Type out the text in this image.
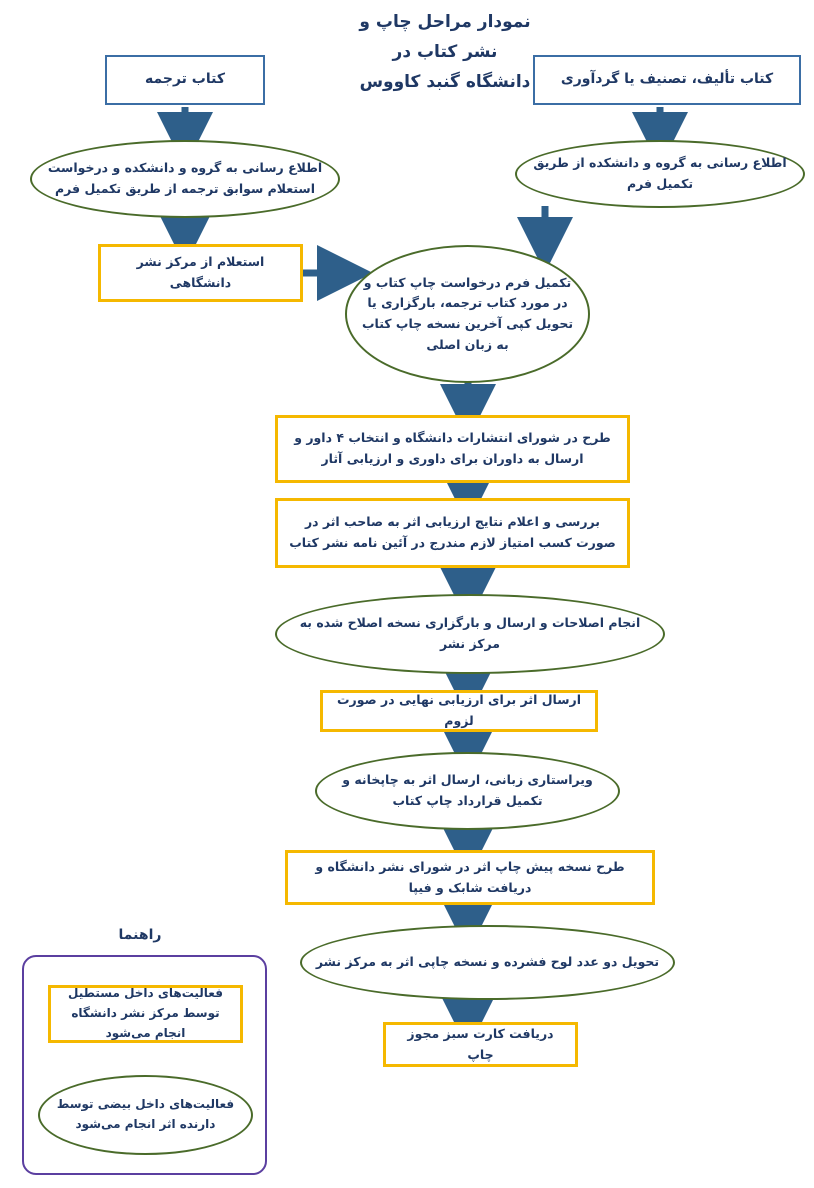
نمودار مراحل چاپ و
نشر کتاب در
دانشگاه گنبد کاووس
کتاب ترجمه	کتاب تألیف، تصنیف یا گردآوری
اطلاع رسانی به گروه و دانشکده و درخواست استعلام سوابق ترجمه از طریق تکمیل فرم
اطلاع رسانی به گروه و دانشکده از طریق تکمیل فرم
استعلام از مرکز نشر دانشگاهی	تکمیل فرم درخواست چاپ کتاب و در مورد کتاب ترجمه، بارگزاری یا تحویل کپی آخرین نسخه چاپ کتاب به زبان اصلی
طرح در شورای انتشارات دانشگاه و انتخاب ۴ داور و ارسال به داوران برای داوری و ارزیابی آثار
بررسی و اعلام نتایج ارزیابی اثر به صاحب اثر در صورت کسب امتیاز لازم مندرج در آئین نامه نشر کتاب
انجام اصلاحات و ارسال و بارگزاری نسخه اصلاح شده به مرکز نشر
ارسال اثر برای ارزیابی نهایی در صورت لزوم
ویراستاری زبانی، ارسال اثر به چاپخانه و تکمیل قرارداد چاپ کتاب
طرح نسخه پیش چاپ اثر در شورای نشر دانشگاه و دریافت شابک و فیپا
تحویل دو عدد لوح فشرده و نسخه چاپی اثر به مرکز نشر
دریافت کارت سبز مجوز چاپ
راهنما
فعالیت‌های داخل مستطیل توسط مرکز نشر دانشگاه انجام می‌شود
فعالیت‌های داخل بیضی توسط دارنده اثر انجام می‌شود
